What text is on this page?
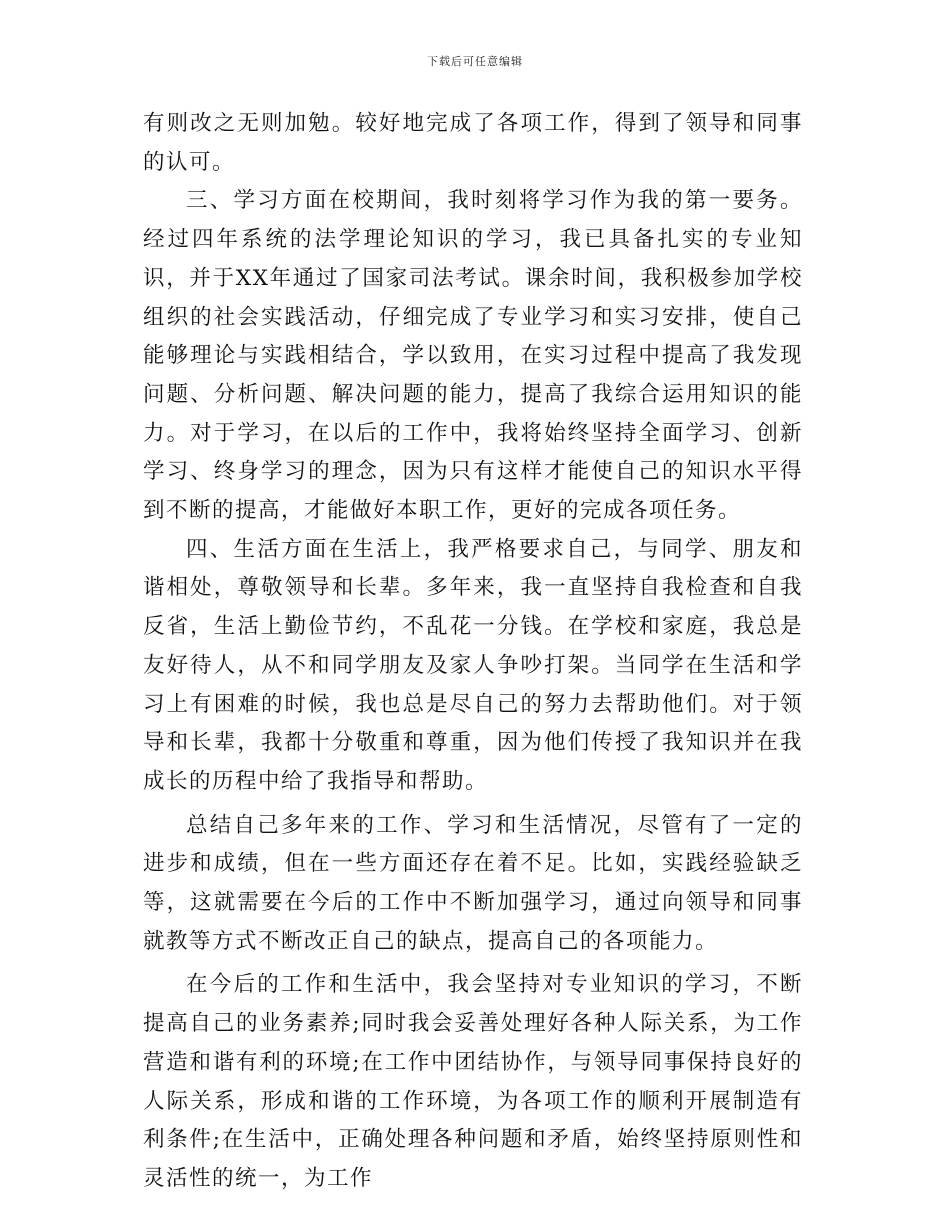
下载后可任意编辑

有则改之无则加勉。较好地完成了各项工作，得到了领导和同事的认可。

三、学习方面在校期间，我时刻将学习作为我的第一要务。经过四年系统的法学理论知识的学习，我已具备扎实的专业知识，并于XX年通过了国家司法考试。课余时间，我积极参加学校组织的社会实践活动，仔细完成了专业学习和实习安排，使自己能够理论与实践相结合，学以致用，在实习过程中提高了我发现问题、分析问题、解决问题的能力，提高了我综合运用知识的能力。对于学习，在以后的工作中，我将始终坚持全面学习、创新学习、终身学习的理念，因为只有这样才能使自己的知识水平得到不断的提高，才能做好本职工作，更好的完成各项任务。

四、生活方面在生活上，我严格要求自己，与同学、朋友和谐相处，尊敬领导和长辈。多年来，我一直坚持自我检查和自我反省，生活上勤俭节约，不乱花一分钱。在学校和家庭，我总是友好待人，从不和同学朋友及家人争吵打架。当同学在生活和学习上有困难的时候，我也总是尽自己的努力去帮助他们。对于领导和长辈，我都十分敬重和尊重，因为他们传授了我知识并在我成长的历程中给了我指导和帮助。

总结自己多年来的工作、学习和生活情况，尽管有了一定的进步和成绩，但在一些方面还存在着不足。比如，实践经验缺乏等，这就需要在今后的工作中不断加强学习，通过向领导和同事就教等方式不断改正自己的缺点，提高自己的各项能力。

在今后的工作和生活中，我会坚持对专业知识的学习，不断提高自己的业务素养;同时我会妥善处理好各种人际关系，为工作营造和谐有利的环境;在工作中团结协作，与领导同事保持良好的人际关系，形成和谐的工作环境，为各项工作的顺利开展制造有利条件;在生活中，正确处理各种问题和矛盾，始终坚持原则性和灵活性的统一，为工作
